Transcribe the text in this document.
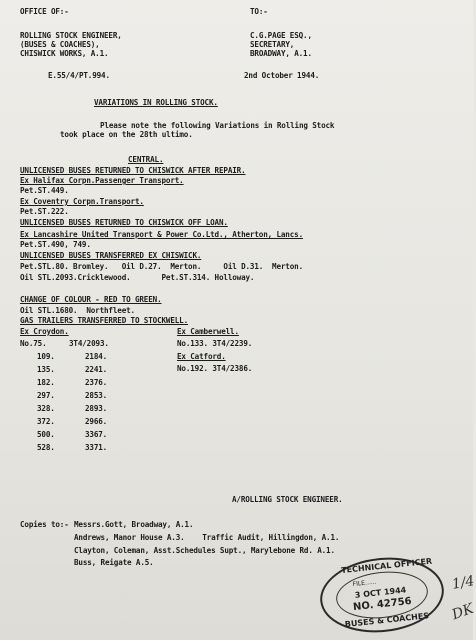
OFFICE OF:-	TO:-
ROLLING STOCK ENGINEER,
(BUSES & COACHES),
CHISWICK WORKS, A.1.
C.G.PAGE ESQ.,
SECRETARY,
BROADWAY, A.1.
E.55/4/PT.994.	2nd October 1944.
VARIATIONS IN ROLLING STOCK.
Please note the following Variations in Rolling Stock
took place on the 28th ultimo.
CENTRAL.
UNLICENSED BUSES RETURNED TO CHISWICK AFTER REPAIR.
Ex Halifax Corpn.Passenger Transport.
Pet.ST.449.
Ex Coventry Corpn.Transport.
Pet.ST.222.
UNLICENSED BUSES RETURNED TO CHISWICK OFF LOAN.
Ex Lancashire United Transport & Power Co.Ltd., Atherton, Lancs.
Pet.ST.490, 749.
UNLICENSED BUSES TRANSFERRED EX CHISWICK.
Pet.STL.80. Bromley.   Oil D.27.  Merton.     Oil D.31.  Merton.
Oil STL.2093.Cricklewood.       Pet.ST.314. Holloway.
CHANGE OF COLOUR - RED TO GREEN.
Oil STL.1680.  Northfleet.
GAS TRAILERS TRANSFERRED TO STOCKWELL.
Ex Croydon.
No.75.	3T4/2093.
109.	2184.
135.	2241.
182.	2376.
297.	2853.
328.	2893.
372.	2966.
500.	3367.
528.	3371.
Ex Camberwell.
No.133. 3T4/2239.
Ex Catford.
No.192. 3T4/2386.
A/ROLLING STOCK ENGINEER.
Copies to:- Messrs.Gott, Broadway, A.1.
Andrews, Manor House A.3.    Traffic Audit, Hillingdon, A.1.
Clayton, Coleman, Asst.Schedules Supt., Marylebone Rd. A.1.
Buss, Reigate A.5.	TECHNICAL OFFICER
FILE......
3 OCT 1944
NO. 42756
BUSES & COACHES
1/4
DK
